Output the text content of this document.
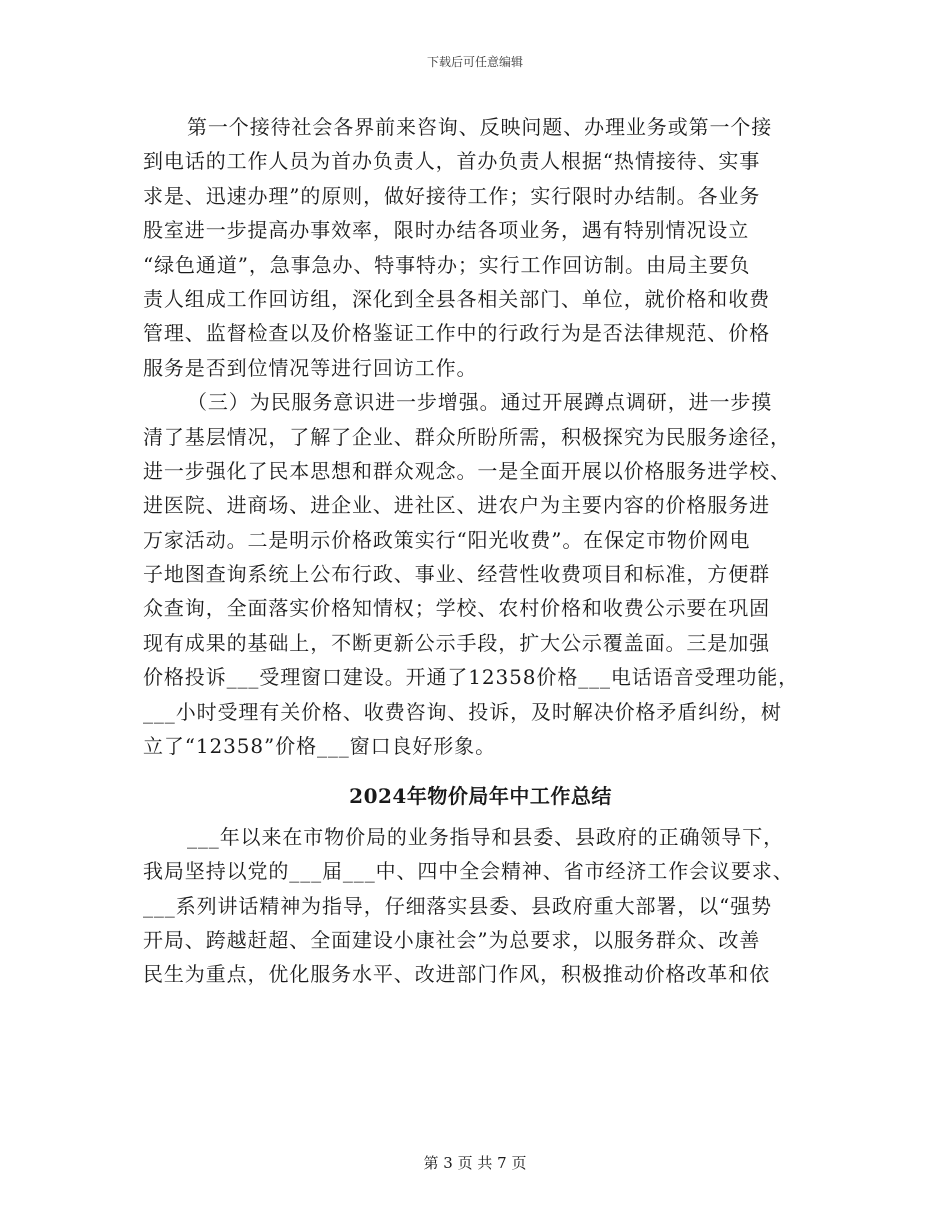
下载后可任意编辑
第一个接待社会各界前来咨询、反映问题、办理业务或第一个接
到电话的工作人员为首办负责人，首办负责人根据“热情接待、实事
求是、迅速办理”的原则，做好接待工作；实行限时办结制。各业务
股室进一步提高办事效率，限时办结各项业务，遇有特别情况设立
“绿色通道”，急事急办、特事特办；实行工作回访制。由局主要负
责人组成工作回访组，深化到全县各相关部门、单位，就价格和收费
管理、监督检查以及价格鉴证工作中的行政行为是否法律规范、价格
服务是否到位情况等进行回访工作。
（三）为民服务意识进一步增强。通过开展蹲点调研，进一步摸
清了基层情况，了解了企业、群众所盼所需，积极探究为民服务途径，
进一步强化了民本思想和群众观念。一是全面开展以价格服务进学校、
进医院、进商场、进企业、进社区、进农户为主要内容的价格服务进
万家活动。二是明示价格政策实行“阳光收费”。在保定市物价网电
子地图查询系统上公布行政、事业、经营性收费项目和标准，方便群
众查询，全面落实价格知情权；学校、农村价格和收费公示要在巩固
现有成果的基础上，不断更新公示手段，扩大公示覆盖面。三是加强
价格投诉___受理窗口建设。开通了12358价格___电话语音受理功能，
___小时受理有关价格、收费咨询、投诉，及时解决价格矛盾纠纷，树
立了“12358”价格___窗口良好形象。
2024年物价局年中工作总结
___年以来在市物价局的业务指导和县委、县政府的正确领导下，
我局坚持以党的___届___中、四中全会精神、省市经济工作会议要求、
___系列讲话精神为指导，仔细落实县委、县政府重大部署，以“强势
开局、跨越赶超、全面建设小康社会”为总要求，以服务群众、改善
民生为重点，优化服务水平、改进部门作风，积极推动价格改革和依
第 3 页 共 7 页
